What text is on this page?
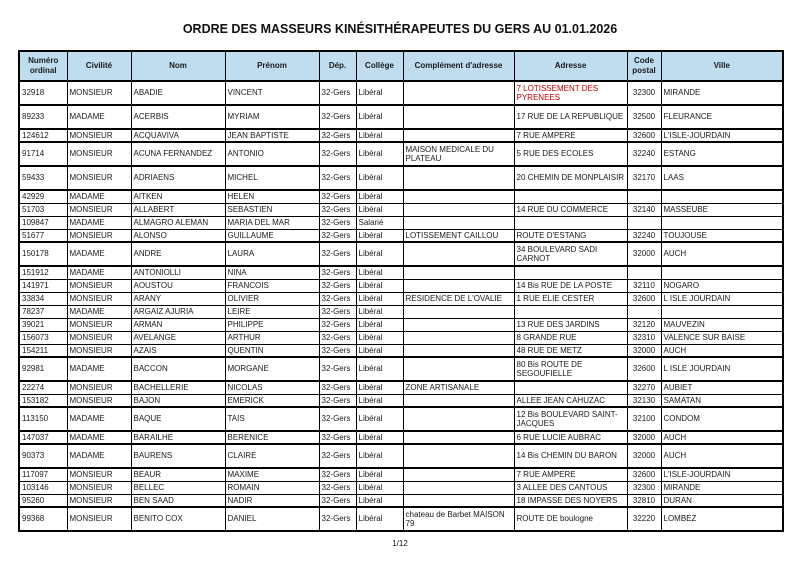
ORDRE DES MASSEURS KINÉSITHÉRAPEUTES DU GERS AU 01.01.2026
Numéro ordinal	Civilité	Nom	Prénom	Dép.	Collège	Complément d'adresse	Adresse	Code postal	Ville
32918	MONSIEUR	ABADIE	VINCENT	32-Gers	Libéral		7 LOTISSEMENT DES PYRENEES	32300	MIRANDE
89233	MADAME	ACERBIS	MYRIAM	32-Gers	Libéral		17 RUE DE LA REPUBLIQUE	32500	FLEURANCE
124612	MONSIEUR	ACQUAVIVA	JEAN BAPTISTE	32-Gers	Libéral		7 RUE AMPERE	32600	L'ISLE-JOURDAIN
91714	MONSIEUR	ACUNA FERNANDEZ	ANTONIO	32-Gers	Libéral	MAISON MEDICALE DU PLATEAU	5 RUE DES ECOLES	32240	ESTANG
59433	MONSIEUR	ADRIAENS	MICHEL	32-Gers	Libéral		20 CHEMIN DE MONPLAISIR	32170	LAAS
42929	MADAME	AITKEN	HELEN	32-Gers	Libéral				
51703	MONSIEUR	ALLABERT	SEBASTIEN	32-Gers	Libéral		14 RUE DU COMMERCE	32140	MASSEUBE
109847	MADAME	ALMAGRO ALEMAN	MARIA DEL MAR	32-Gers	Salarié				
51677	MONSIEUR	ALONSO	GUILLAUME	32-Gers	Libéral	LOTISSEMENT CAILLOU	ROUTE D'ESTANG	32240	TOUJOUSE
150178	MADAME	ANDRE	LAURA	32-Gers	Libéral		34 BOULEVARD SADI CARNOT	32000	AUCH
151912	MADAME	ANTONIOLLI	NINA	32-Gers	Libéral				
141971	MONSIEUR	AOUSTOU	FRANCOIS	32-Gers	Libéral		14 Bis RUE DE LA POSTE	32110	NOGARO
33834	MONSIEUR	ARANY	OLIVIER	32-Gers	Libéral	RESIDENCE DE L'OVALIE	1 RUE ELIE CESTER	32600	L ISLE JOURDAIN
78237	MADAME	ARGAIZ AJURIA	LEIRE	32-Gers	Libéral				
39021	MONSIEUR	ARMAN	PHILIPPE	32-Gers	Libéral		13 RUE DES JARDINS	32120	MAUVEZIN
156073	MONSIEUR	AVELANGE	ARTHUR	32-Gers	Libéral		8 GRANDE RUE	32310	VALENCE SUR BAISE
154211	MONSIEUR	AZAIS	QUENTIN	32-Gers	Libéral		48 RUE DE METZ	32000	AUCH
92981	MADAME	BACCON	MORGANE	32-Gers	Libéral		80 Bis ROUTE DE SEGOUFIELLE	32600	L ISLE JOURDAIN
22274	MONSIEUR	BACHELLERIE	NICOLAS	32-Gers	Libéral	ZONE ARTISANALE		32270	AUBIET
153182	MONSIEUR	BAJON	EMERICK	32-Gers	Libéral		ALLEE JEAN CAHUZAC	32130	SAMATAN
113150	MADAME	BAQUE	TAIS	32-Gers	Libéral		12 Bis BOULEVARD SAINT-JACQUES	32100	CONDOM
147037	MADAME	BARAILHE	BERENICE	32-Gers	Libéral		6 RUE LUCIE AUBRAC	32000	AUCH
90373	MADAME	BAURENS	CLAIRE	32-Gers	Libéral		14 Bis CHEMIN DU BARON	32000	AUCH
117097	MONSIEUR	BEAUR	MAXIME	32-Gers	Libéral		7 RUE AMPERE	32600	L'ISLE-JOURDAIN
103146	MONSIEUR	BELLEC	ROMAIN	32-Gers	Libéral		3 ALLEE DES CANTOUS	32300	MIRANDE
95260	MONSIEUR	BEN SAAD	NADIR	32-Gers	Libéral		18 IMPASSE DES NOYERS	32810	DURAN
99368	MONSIEUR	BENITO COX	DANIEL	32-Gers	Libéral	chateau de Barbet MAISON 79	ROUTE DE boulogne	32220	LOMBEZ
1/12
